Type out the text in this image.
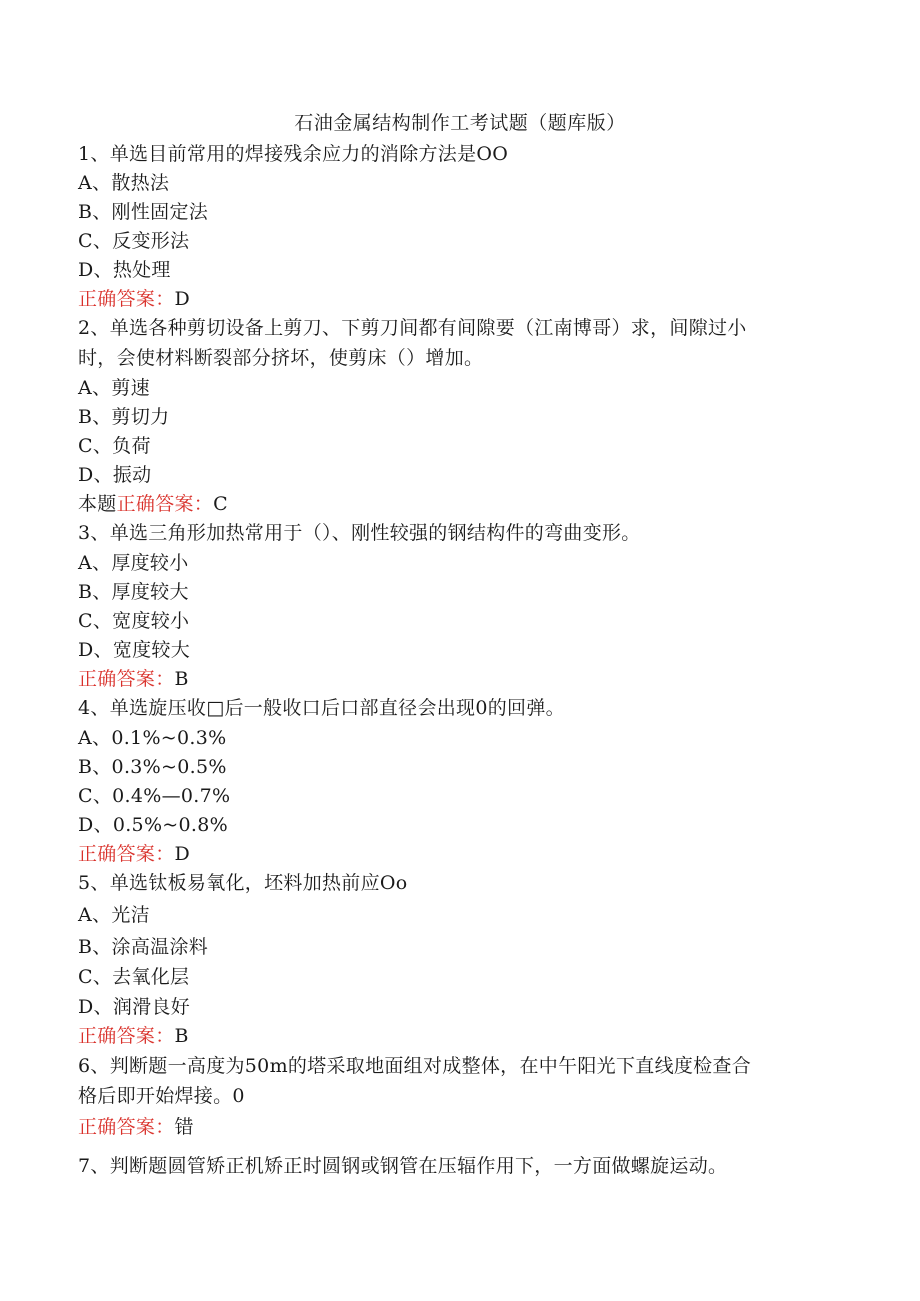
石油金属结构制作工考试题（题库版）
1、单选目前常用的焊接残余应力的消除方法是OO
A、散热法
B、刚性固定法
C、反变形法
D、热处理
正确答案：D
2、单选各种剪切设备上剪刀、下剪刀间都有间隙要（江南博哥）求，间隙过小
时，会使材料断裂部分挤坏，使剪床（）增加。
A、剪速
B、剪切力
C、负荷
D、振动
本题正确答案：C
3、单选三角形加热常用于（）、刚性较强的钢结构件的弯曲变形。
A、厚度较小
B、厚度较大
C、宽度较小
D、宽度较大
正确答案：B
4、单选旋压收□后一般收口后口部直径会出现0的回弹。
A、0.1%~0.3%
B、0.3%~0.5%
C、0.4%—0.7%
D、0.5%~0.8%
正确答案：D
5、单选钛板易氧化，坯料加热前应Oo
A、光洁
B、涂高温涂料
C、去氧化层
D、润滑良好
正确答案：B
6、判断题一高度为50m的塔采取地面组对成整体，在中午阳光下直线度检查合
格后即开始焊接。0
正确答案：错
7、判断题圆管矫正机矫正时圆钢或钢管在压辐作用下，一方面做螺旋运动。
